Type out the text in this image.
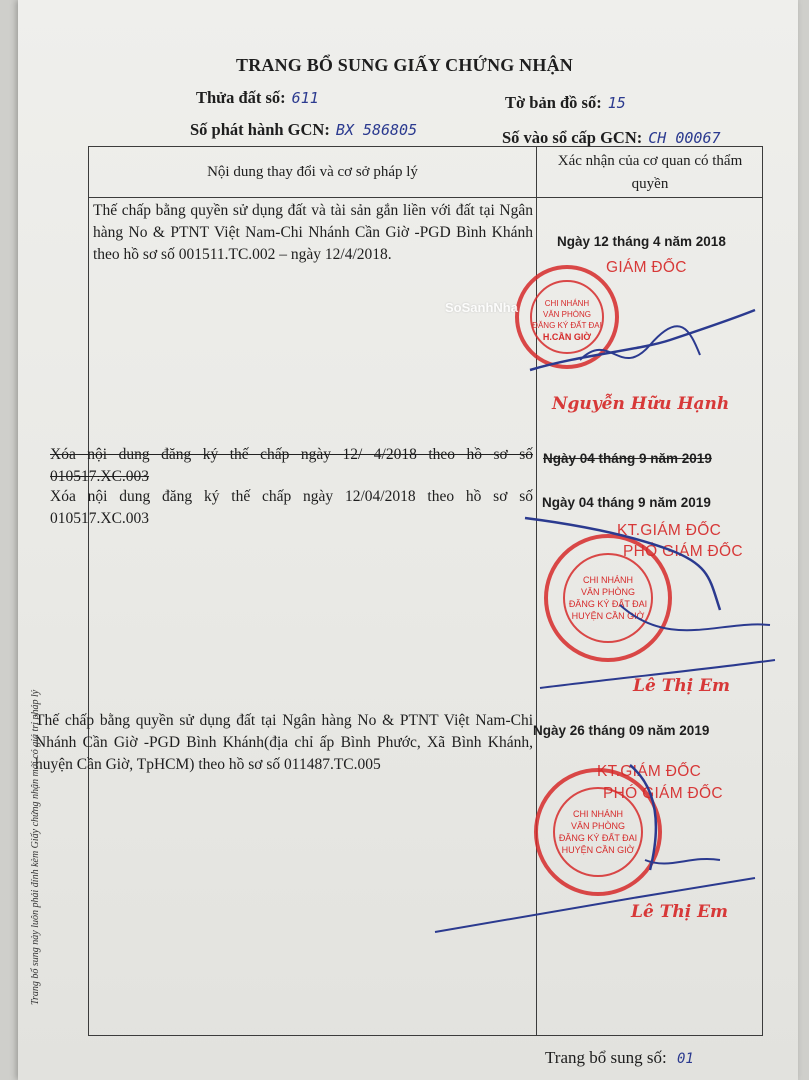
TRANG BỔ SUNG GIẤY CHỨNG NHẬN
Thửa đất số: 611	Tờ bản đồ số: 15
Số phát hành GCN: BX 586805	Số vào sổ cấp GCN: CH 00067
Nội dung thay đổi và cơ sở pháp lý
Xác nhận của cơ quan có thẩm quyền
Thế chấp bằng quyền sử dụng đất và tài sản gắn liền với đất tại Ngân hàng No & PTNT Việt Nam-Chi Nhánh Cần Giờ -PGD Bình Khánh theo hồ sơ số 001511.TC.002 – ngày 12/4/2018.
Ngày 12 tháng 4 năm 2018
CHI NHÁNH
VĂN PHÒNG
ĐĂNG KÝ ĐẤT ĐAI
H.CẦN GIỜ
GIÁM ĐỐC
SoSanhNha
Nguyễn Hữu Hạnh
Xóa nội dung đăng ký thế chấp ngày 12/ 4/2018 theo hồ sơ số 010517.XC.003
Ngày 04 tháng 9 năm 2019
Xóa nội dung đăng ký thế chấp ngày 12/04/2018 theo hồ sơ số 010517.XC.003
Ngày 04 tháng 9 năm 2019
CHI NHÁNH
VĂN PHÒNG
ĐĂNG KÝ ĐẤT ĐAI
HUYỆN CẦN GIỜ
KT.GIÁM ĐỐC
PHÓ GIÁM ĐỐC
Lê Thị Em
Thế chấp bằng quyền sử dụng đất tại Ngân hàng No & PTNT Việt Nam-Chi Nhánh Cần Giờ -PGD Bình Khánh(địa chỉ ấp Bình Phước, Xã Bình Khánh, huyện Cần Giờ, TpHCM) theo hồ sơ số 011487.TC.005
Ngày 26 tháng 09 năm 2019
CHI NHÁNH
VĂN PHÒNG
ĐĂNG KÝ ĐẤT ĐAI
HUYỆN CẦN GIỜ
KT.GIÁM ĐỐC
PHÓ GIÁM ĐỐC
Lê Thị Em
Trang bổ sung này luôn phải đính kèm Giấy chứng nhận mới có giá trị pháp lý
Trang bổ sung số: 01
